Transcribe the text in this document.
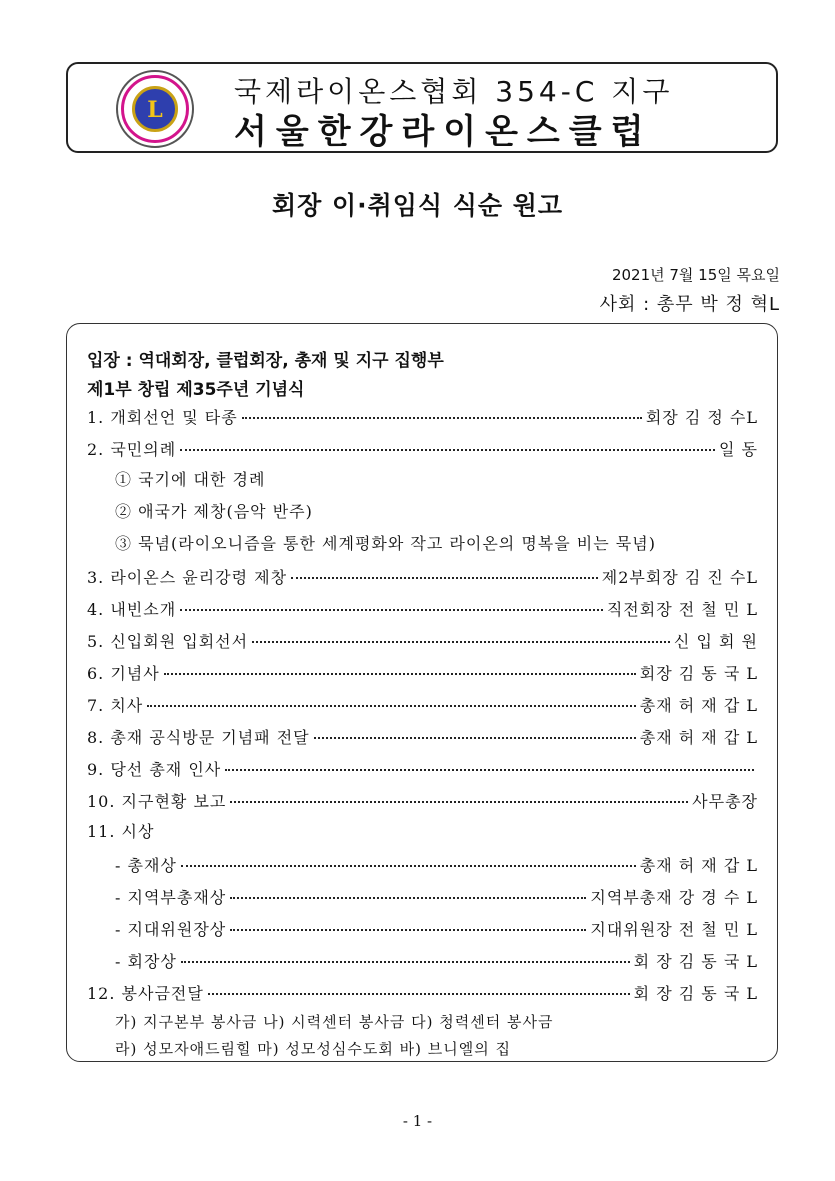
L
국제라이온스협회 354-C 지구
서울한강라이온스클럽
회장 이·취임식 식순 원고
2021년 7월 15일 목요일
사회 : 총무 박 정 혁L
입장 : 역대회장, 클럽회장, 총재 및 지구 집행부
제1부 창립 제35주년 기념식
1. 개회선언 및 타종	회장 김 정 수L
2. 국민의례	일 동
① 국기에 대한 경례
② 애국가 제창(음악 반주)
③ 묵념(라이오니즘을 통한 세계평화와 작고 라이온의 명복을 비는 묵념)
3. 라이온스 윤리강령 제창	제2부회장 김 진 수L
4. 내빈소개	직전회장 전 철 민 L
5. 신입회원 입회선서	신 입 회 원
6. 기념사	회장 김 동 국 L
7. 치사	총재 허 재 갑 L
8. 총재 공식방문 기념패 전달	총재 허 재 갑 L
9. 당선 총재 인사
10. 지구현황 보고	사무총장
11. 시상
- 총재상	총재 허 재 갑 L
- 지역부총재상	지역부총재 강 경 수 L
- 지대위원장상	지대위원장 전 철 민 L
- 회장상	회 장 김 동 국 L
12. 봉사금전달	회 장 김 동 국 L
가) 지구본부 봉사금 나) 시력센터 봉사금 다) 청력센터 봉사금
라) 성모자애드림힐 마) 성모성심수도회 바) 브니엘의 집
- 1 -
